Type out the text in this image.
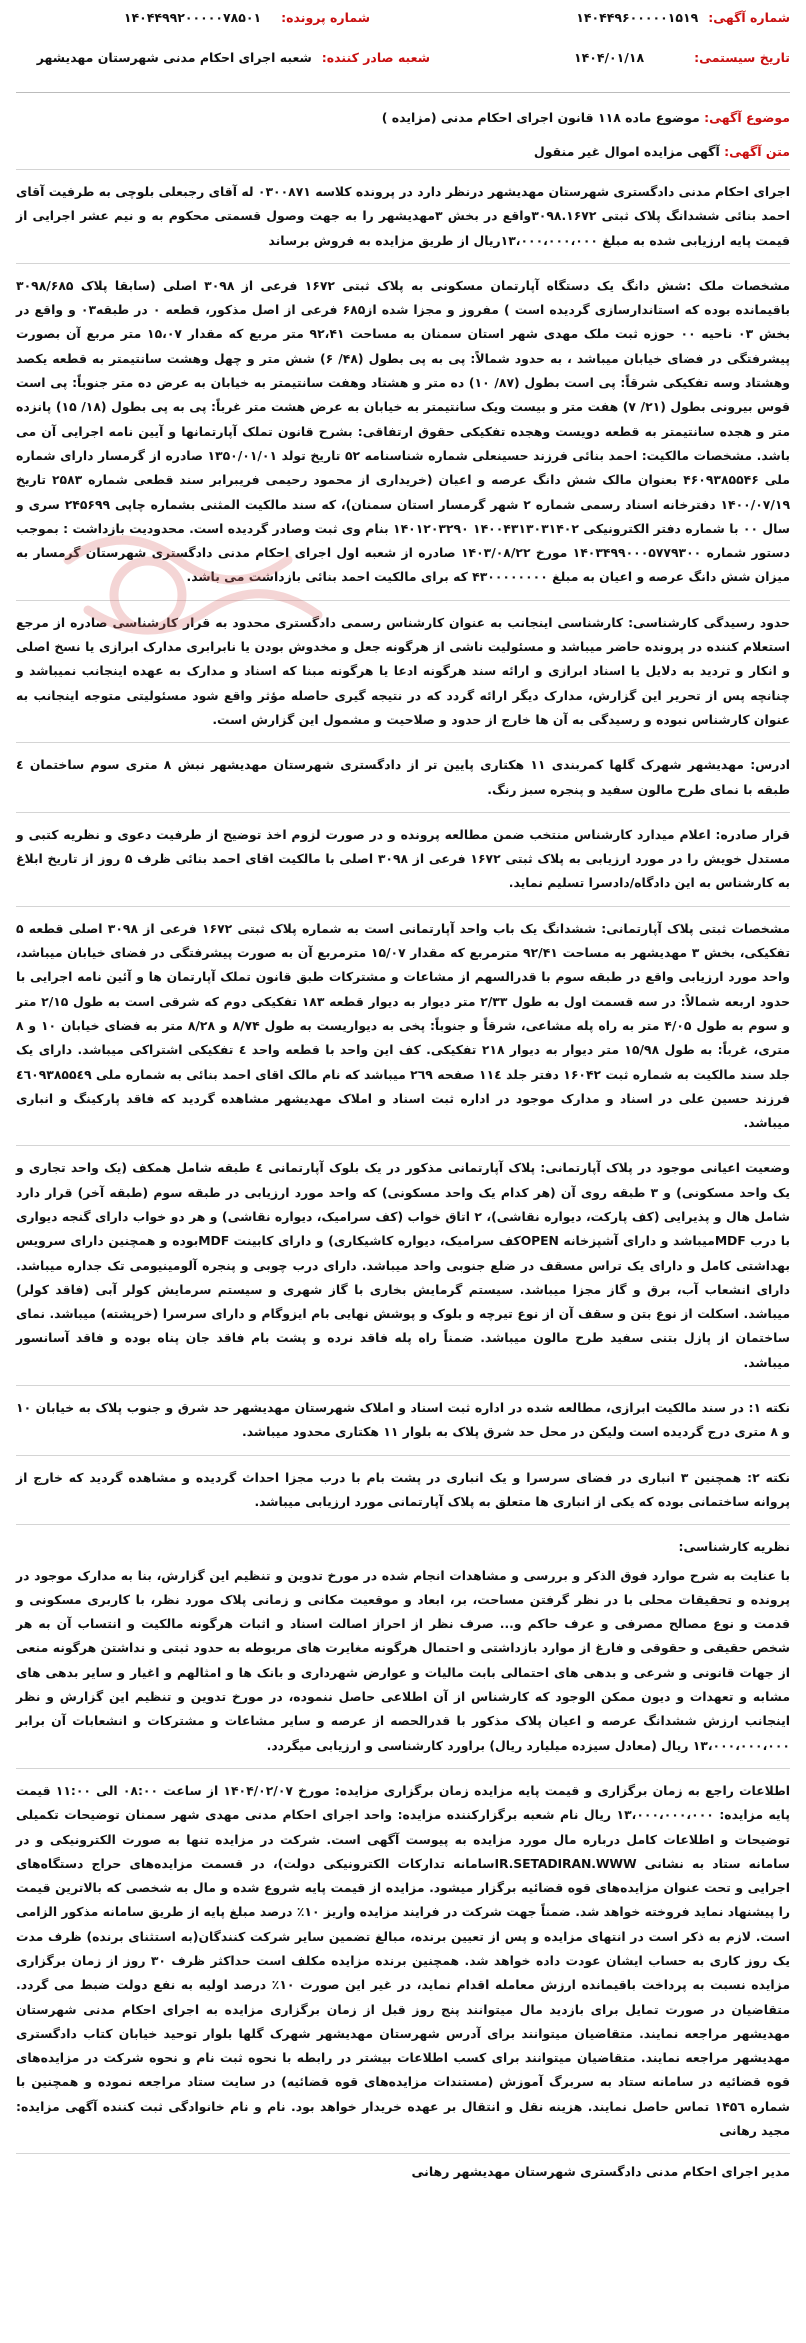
شماره آگهی: ۱۴۰۴۴۹۶۰۰۰۰۰۱۵۱۹
شماره پرونده: ۱۴۰۴۴۹۹۲۰۰۰۰۰۷۸۵۰۱
تاریخ سیستمی: ۱۴۰۴/۰۱/۱۸
شعبه صادر کننده: شعبه اجرای احکام مدنی شهرستان مهدیشهر
موضوع آگهی: موضوع ماده ۱۱۸ قانون اجرای احکام مدنی (مزایده )
متن آگهی: آگهی مزایده اموال غیر منقول

اجرای احکام مدنی دادگستری شهرستان مهدیشهر درنظر دارد در پرونده کلاسه ۰۳۰۰۸۷۱ له آقای رجبعلی بلوچی به طرفیت آقای احمد بنائی ششدانگ پلاک ثبتی ۳۰۹۸.۱۶۷۲واقع در بخش ۳مهدیشهر را به جهت وصول قسمتی محکوم به و نیم عشر اجرایی از قیمت پایه ارزیابی شده به مبلغ ۱۳،۰۰۰،۰۰۰،۰۰۰ریال از طریق مزایده به فروش برساند

مشخصات ملک :شش دانگ یک دستگاه آپارتمان مسکونی به پلاک ثبتی ۱۶۷۲ فرعی از ۳۰۹۸ اصلی (سابقا پلاک ۳۰۹۸/۶۸۵ باقیمانده بوده که استاندارسازی گردیده است ) مفروز و مجزا شده از۶۸۵ فرعی از اصل مذکور، قطعه ۰ در طبقه۰۳ و واقع در بخش ۰۳ ناحیه ۰۰ حوزه ثبت ملک مهدی شهر استان سمنان به مساحت ۹۲،۴۱ متر مربع که مقدار ۱۵،۰۷ متر مربع آن بصورت پیشرفتگی در فضای خیابان میباشد ، به حدود شمالاً: پی به پی بطول (۴۸/ ۶) شش متر و چهل وهشت سانتیمتر به قطعه یکصد وهشتاد وسه تفکیکی شرقاً: پی است بطول (۸۷/ ۱۰) ده متر و هشتاد وهفت سانتیمتر به خیابان به عرض ده متر جنوباً: پی است قوس بیرونی بطول (۲۱/ ۷) هفت متر و بیست ویک سانتیمتر به خیابان به عرض هشت متر غرباً: پی به پی بطول (۱۸/ ۱۵) پانزده متر و هجده سانتیمتر به قطعه دویست وهجده تفکیکی حقوق ارتفاقی: بشرح قانون تملک آپارتمانها و آیین نامه اجرایی آن می باشد. مشخصات مالکیت: احمد بنائی فرزند حسینعلی شماره شناسنامه ۵۲ تاریخ تولد ۱۳۵۰/۰۱/۰۱ صادره از گرمسار دارای شماره ملی ۴۶۰۹۳۸۵۵۴۶ بعنوان مالک شش دانگ عرصه و اعیان (خریداری از محمود رحیمی فریبرابر سند قطعی شماره ۲۵۸۳ تاریخ ۱۴۰۰/۰۷/۱۹ دفترخانه اسناد رسمی شماره ۲ شهر گرمسار استان سمنان)، که سند مالکیت المثنی بشماره چاپی ۲۴۵۶۹۹ سری و سال ۰۰ با شماره دفتر الکترونیکی ۱۴۰۰۴۳۱۳۰۳۱۴۰۲ ۱۴۰۱۲۰۳۲۹۰ بنام وی ثبت وصادر گردیده است. محدودیت بازداشت : بموجب دستور شماره ۱۴۰۳۴۹۹۰۰۰۵۷۷۹۳۰۰ مورخ ۱۴۰۳/۰۸/۲۲ صادره از شعبه اول اجرای احکام مدنی دادگستری شهرستان گرمسار به میزان شش دانگ عرصه و اعیان به مبلغ ۴۳۰۰۰۰۰۰۰۰ که برای مالکیت احمد بنائی بازداشت می باشد.

حدود رسیدگی کارشناسی: کارشناسی اینجانب به عنوان کارشناس رسمی دادگستری محدود به قرار کارشناسی صادره از مرجع استعلام کننده در پرونده حاضر میباشد و مسئولیت ناشی از هرگونه جعل و مخدوش بودن یا نابرابری مدارک ابرازی یا نسخ اصلی و انکار و تردید به دلایل یا اسناد ابرازی و ارائه سند هرگونه ادعا یا هرگونه مبنا که اسناد و مدارک به عهده اینجانب نمیباشد و چنانچه پس از تحریر این گزارش، مدارک دیگر ارائه گردد که در نتیجه گیری حاصله مؤثر واقع شود مسئولیتی متوجه اینجانب به عنوان کارشناس نبوده و رسیدگی به آن ها خارج از حدود و صلاحیت و مشمول این گزارش است.

ادرس: مهدیشهر شهرک گلها کمربندی ۱۱ هکتاری پایین تر از دادگستری شهرستان مهدیشهر نبش ۸ متری سوم ساختمان ٤ طبقه با نمای طرح مالون سفید و پنجره سبز رنگ.

قرار صادره: اعلام میدارد کارشناس منتخب ضمن مطالعه پرونده و در صورت لزوم اخذ توضیح از طرفیت دعوی و نظریه کتبی و مستدل خویش را در مورد ارزیابی به پلاک ثبتی ۱۶۷۲ فرعی از ۳۰۹۸ اصلی با مالکیت اقای احمد بنائی ظرف ۵ روز از تاریخ ابلاغ به کارشناس به این دادگاه/دادسرا تسلیم نماید.

مشخصات ثبتی پلاک آپارتمانی: ششدانگ یک باب واحد آپارتمانی است به شماره پلاک ثبتی ۱۶۷۲ فرعی از ۳۰۹۸ اصلی قطعه ۵ تفکیکی، بخش ۳ مهدیشهر به مساحت ۹۲/۴۱ مترمربع که مقدار ۱۵/۰۷ مترمربع آن به صورت پیشرفتگی در فضای خیابان میباشد، واحد مورد ارزیابی واقع در طبقه سوم با قدرالسهم از مشاعات و مشترکات طبق قانون تملک آپارتمان ها و آئین نامه اجرایی با حدود اربعه شمالاً: در سه قسمت اول به طول ۲/۳۳ متر دیوار به دیوار قطعه ۱۸۳ تفکیکی دوم که شرقی است به طول ۲/۱۵ متر و سوم به طول ۴/۰۵ متر به راه پله مشاعی، شرقاً و جنوباً: پخی به دیواریست به طول ۸/۷۴ و ۸/۲۸ متر به فضای خیابان ۱۰ و ۸ متری، غرباً: به طول ۱۵/۹۸ متر دیوار به دیوار ۲۱۸ تفکیکی. کف این واحد با قطعه واحد ٤ تفکیکی اشتراکی میباشد. دارای یک جلد سند مالکیت به شماره ثبت ۱۶۰۴۲ دفتر جلد ۱۱٤ صفحه ۲٦۹ میباشد که نام مالک اقای احمد بنائی به شماره ملی ٤٦۰۹۳۸۵۵٤۹ فرزند حسین علی در اسناد و مدارک موجود در اداره ثبت اسناد و املاک مهدیشهر مشاهده گردید که فاقد پارکینگ و انباری میباشد.

وضعیت اعیانی موجود در پلاک آپارتمانی: پلاک آپارتمانی مذکور در یک بلوک آپارتمانی ٤ طبقه شامل همکف (یک واحد تجاری و یک واحد مسکونی) و ۳ طبقه روی آن (هر کدام یک واحد مسکونی) که واحد مورد ارزیابی در طبقه سوم (طبقه آخر) قرار دارد شامل هال و پذیرایی (کف پارکت، دیواره نقاشی)، ۲ اتاق خواب (کف سرامیک، دیواره نقاشی) و هر دو خواب دارای گنجه دیواری با درب MDFمیباشد و دارای آشپزخانه OPENکف سرامیک، دیواره کاشیکاری) و دارای کابینت MDFبوده و همچنین دارای سرویس بهداشتی کامل و دارای یک تراس مسقف در ضلع جنوبی واحد میباشد. دارای درب چوبی و پنجره آلومینیومی تک جداره میباشد. دارای انشعاب آب، برق و گاز مجزا میباشد. سیستم گرمایش بخاری با گاز شهری و سیستم سرمایش کولر آبی (فاقد کولر) میباشد. اسکلت از نوع بتن و سقف آن از نوع تیرچه و بلوک و پوشش نهایی بام ایزوگام و دارای سرسرا (خرپشته) میباشد. نمای ساختمان از پازل بتنی سفید طرح مالون میباشد. ضمناً راه پله فاقد نرده و پشت بام فاقد جان پناه بوده و فاقد آسانسور میباشد.

نکته ۱: در سند مالکیت ابرازی، مطالعه شده در اداره ثبت اسناد و املاک شهرستان مهدیشهر حد شرق و جنوب پلاک به خیابان ۱۰ و ۸ متری درج گردیده است ولیکن در محل حد شرق پلاک به بلوار ۱۱ هکتاری محدود میباشد.

نکته ۲: همچنین ۳ انباری در فضای سرسرا و یک انباری در پشت بام با درب مجزا احداث گردیده و مشاهده گردید که خارج از پروانه ساختمانی بوده که یکی از انباری ها متعلق به پلاک آپارتمانی مورد ارزیابی میباشد.

نظریه کارشناسی:

با عنایت به شرح موارد فوق الذکر و بررسی و مشاهدات انجام شده در مورخ تدوین و تنظیم این گزارش، بنا به مدارک موجود در پرونده و تحقیقات محلی با در نظر گرفتن مساحت، بر، ابعاد و موقعیت مکانی و زمانی پلاک مورد نظر، با کاربری مسکونی و قدمت و نوع مصالح مصرفی و عرف حاکم و... صرف نظر از احراز اصالت اسناد و اثبات هرگونه مالکیت و انتساب آن به هر شخص حقیقی و حقوقی و فارغ از موارد بازداشتی و احتمال هرگونه مغایرت های مربوطه به حدود ثبتی و نداشتن هرگونه منعی از جهات قانونی و شرعی و بدهی های احتمالی بابت مالیات و عوارض شهرداری و بانک ها و امثالهم و اغیار و سایر بدهی های مشابه و تعهدات و دیون ممکن الوجود که کارشناس از آن اطلاعی حاصل ننموده، در مورخ تدوین و تنظیم این گزارش و نظر اینجانب ارزش ششدانگ عرصه و اعیان پلاک مذکور با قدرالحصه از عرصه و سایر مشاعات و مشترکات و انشعابات آن برابر ۱۳،۰۰۰،۰۰۰،۰۰۰ ریال (معادل سیزده میلیارد ریال) براورد کارشناسی و ارزیابی میگردد.

اطلاعات راجع به زمان برگزاری و قیمت پایه مزایده زمان برگزاری مزایده: مورخ ۱۴۰۴/۰۲/۰۷ از ساعت ۰۸:۰۰ الی ۱۱:۰۰ قیمت پایه مزایده: ۱۳،۰۰۰،۰۰۰،۰۰۰ ریال نام شعبه برگزارکننده مزایده: واحد اجرای احکام مدنی مهدی شهر سمنان توضیحات تکمیلی توضیحات و اطلاعات کامل درباره مال مورد مزایده به پیوست آگهی است. شرکت در مزایده تنها به صورت الکترونیکی و در سامانه ستاد به نشانی IR.SETADIRAN.WWWسامانه تدارکات الکترونیکی دولت)، در قسمت مزایده‌های حراج دستگاه‌های اجرایی و تحت عنوان مزایده‌های قوه قضائیه برگزار میشود. مزایده از قیمت پایه شروع شده و مال به شخصی که بالاترین قیمت را پیشنهاد نماید فروخته خواهد شد. ضمناً جهت شرکت در فرایند مزایده واریز ۱۰٪ درصد مبلغ پایه از طریق سامانه مذکور الزامی است. لازم به ذکر است در انتهای مزایده و پس از تعیین برنده، مبالغ تضمین سایر شرکت کنندگان(به استثنای برنده) ظرف مدت یک روز کاری به حساب ایشان عودت داده خواهد شد. همچنین برنده مزایده مکلف است حداکثر ظرف ۳۰ روز از زمان برگزاری مزایده نسبت به پرداخت باقیمانده ارزش معامله اقدام نماید، در غیر این صورت ۱۰٪ درصد اولیه به نفع دولت ضبط می گردد. متقاضیان در صورت تمایل برای بازدید مال میتوانند پنج روز قبل از زمان برگزاری مزایده به اجرای احکام مدنی شهرستان مهدیشهر مراجعه نمایند. متقاضیان میتوانند برای آدرس شهرستان مهدیشهر شهرک گلها بلوار توحید خیابان کتاب دادگستری مهدیشهر مراجعه نمایند. متقاضیان میتوانند برای کسب اطلاعات بیشتر در رابطه با نحوه ثبت نام و نحوه شرکت در مزایده‌های قوه قضائیه در سامانه ستاد به سربرگ آموزش (مستندات مزایده‌های قوه قضائیه) در سایت ستاد مراجعه نموده و همچنین با شماره ۱۴۵٦ تماس حاصل نمایند. هزینه نقل و انتقال بر عهده خریدار خواهد بود. نام و نام خانوادگی ثبت کننده آگهی مزایده: مجید رهانی

مدیر اجرای احکام مدنی دادگستری شهرستان مهدیشهر رهانی
